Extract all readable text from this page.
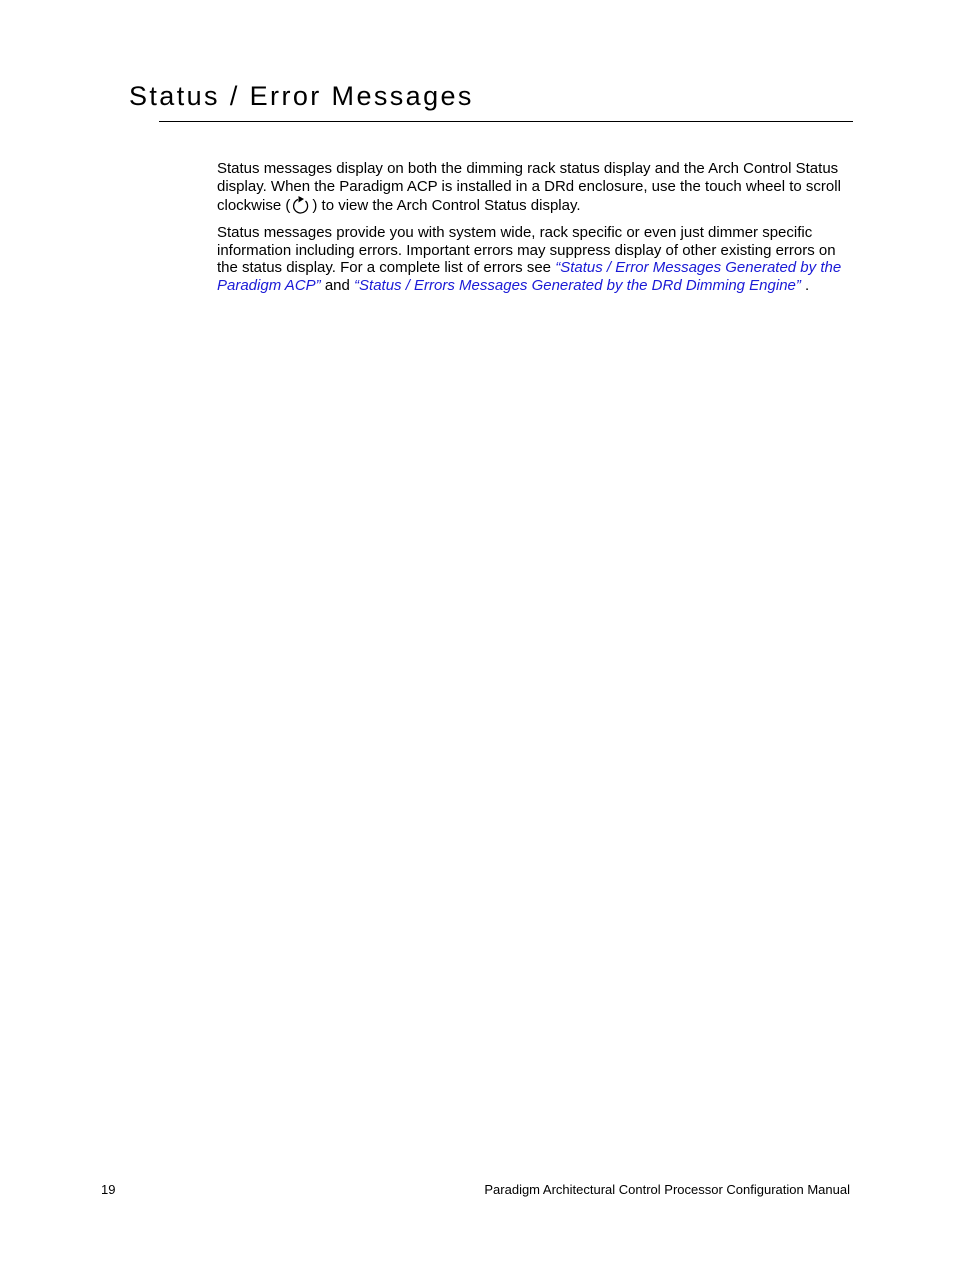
Status / Error Messages

Status messages display on both the dimming rack status display and the Arch Control Status display. When the Paradigm ACP is installed in a DRd enclosure, use the touch wheel to scroll clockwise ( ) to view the Arch Control Status display.

Status messages provide you with system wide, rack specific or even just dimmer specific information including errors. Important errors may suppress display of other existing errors on the status display. For a complete list of errors see “Status / Error Messages Generated by the Paradigm ACP” and “Status / Errors Messages Generated by the DRd Dimming Engine” .

19	Paradigm Architectural Control Processor Configuration Manual
